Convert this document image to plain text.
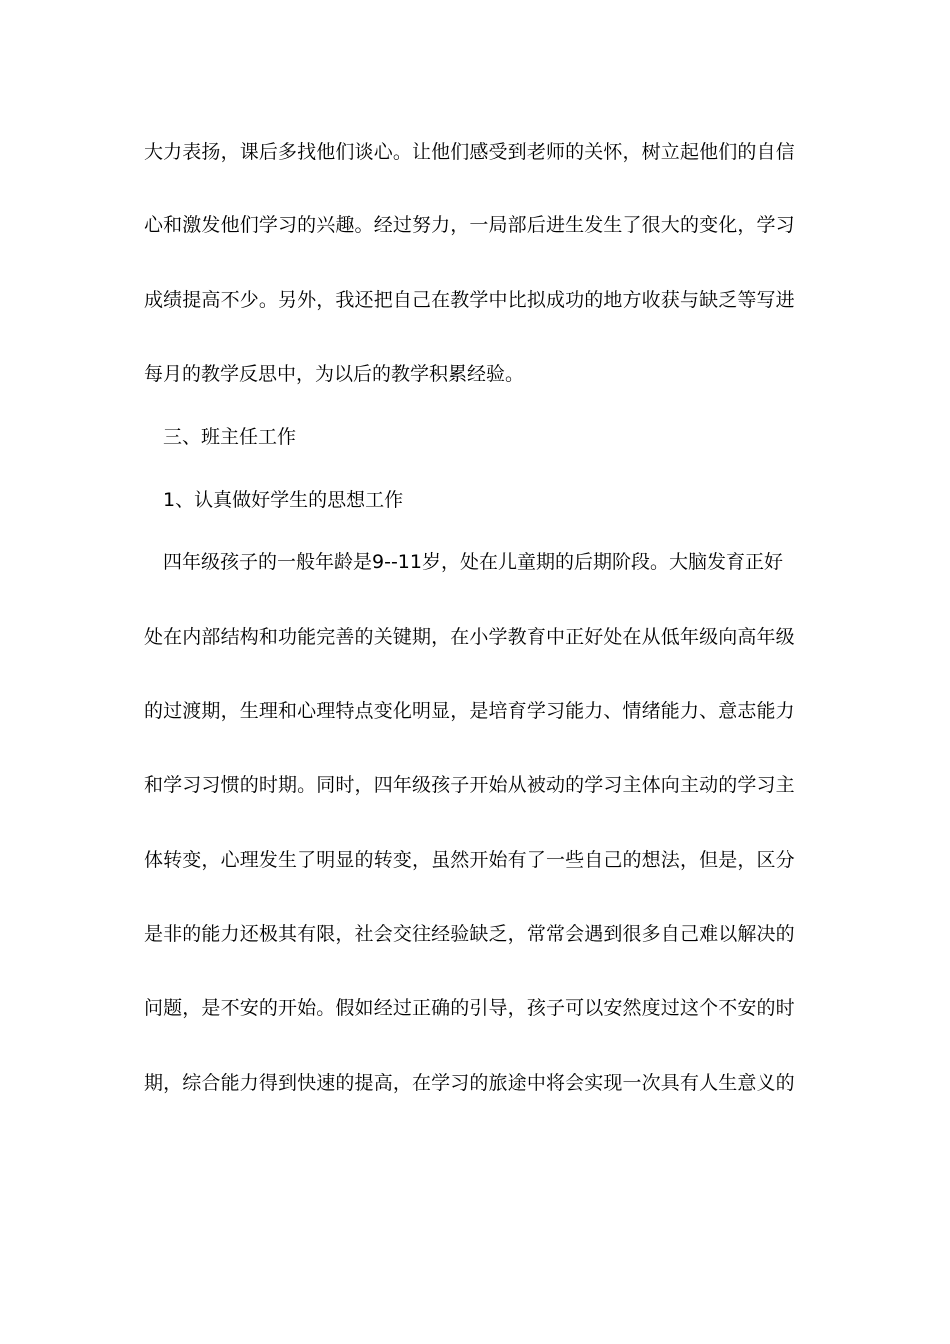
大 力 表 扬 ， 课 后 多 找 他 们 谈 心 。 让 他 们 感 受 到 老 师 的 关 怀 ， 树 立 起 他 们 的 自 信
心 和 激 发 他 们 学 习 的 兴 趣 。 经 过 努 力 ， 一 局 部 后 进 生 发 生 了 很 大 的 变 化 ， 学 习
成 绩 提 高 不 少 。 另 外 ， 我 还 把 自 己 在 教 学 中 比 拟 成 功 的 地 方 收 获 与 缺 乏 等 写 进
每月的教学反思中，为以后的教学积累经验。
三、班主任工作
1、认真做好学生的思想工作
四年级孩子的一般年龄是9--11岁，处在儿童期的后期阶段。大脑发育正好
处 在 内 部 结 构 和 功 能 完 善 的 关 键 期 ， 在 小 学 教 育 中 正 好 处 在 从 低 年 级 向 高 年 级
的 过 渡 期 ， 生 理 和 心 理 特 点 变 化 明 显 ， 是 培 育 学 习 能 力 、 情 绪 能 力 、 意 志 能 力
和 学 习 习 惯 的 时 期 。 同 时 ， 四 年 级 孩 子 开 始 从 被 动 的 学 习 主 体 向 主 动 的 学 习 主
体 转 变 ， 心 理 发 生 了 明 显 的 转 变 ， 虽 然 开 始 有 了 一 些 自 己 的 想 法 ， 但 是 ， 区 分
是 非 的 能 力 还 极 其 有 限 ， 社 会 交 往 经 验 缺 乏 ， 常 常 会 遇 到 很 多 自 己 难 以 解 决 的
问 题 ， 是 不 安 的 开 始 。 假 如 经 过 正 确 的 引 导 ， 孩 子 可 以 安 然 度 过 这 个 不 安 的 时
期 ， 综 合 能 力 得 到 快 速 的 提 高 ， 在 学 习 的 旅 途 中 将 会 实 现 一 次 具 有 人 生 意 义 的
